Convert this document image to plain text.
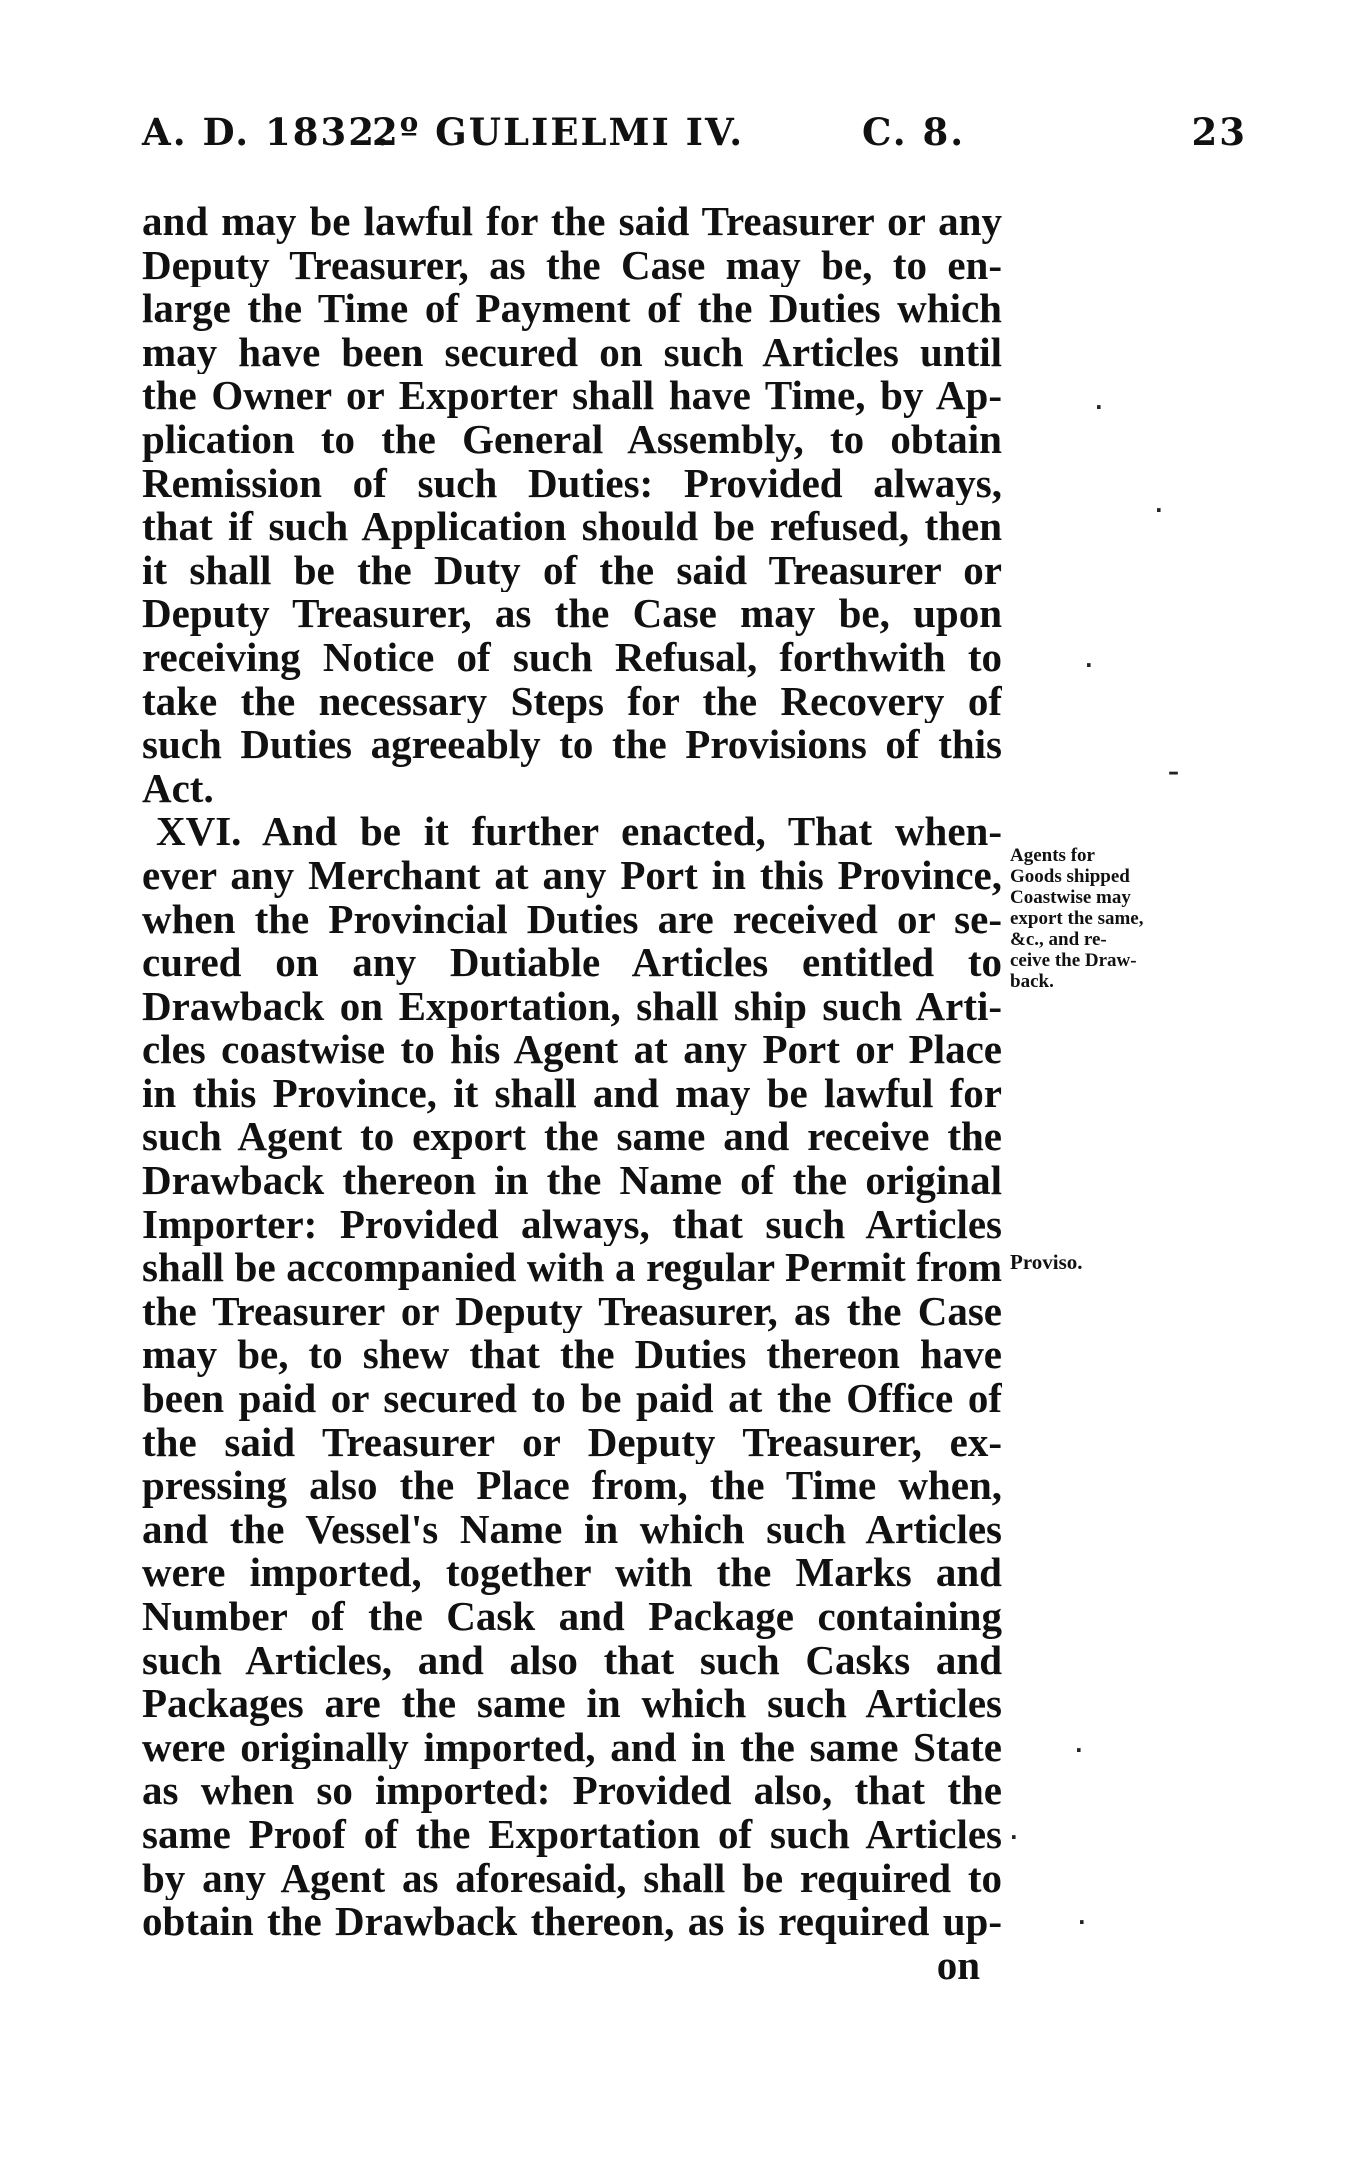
A. D. 1832.
2º GULIELMI IV.	C. 8.	23
and may be lawful for the said Treasurer or any
Deputy Treasurer, as the Case may be, to en-
large the Time of Payment of the Duties which
may have been secured on such Articles until
the Owner or Exporter shall have Time, by Ap-
plication to the General Assembly, to obtain
Remission of such Duties: Provided always,
that if such Application should be refused, then
it shall be the Duty of the said Treasurer or
Deputy Treasurer, as the Case may be, upon
receiving Notice of such Refusal, forthwith to
take the necessary Steps for the Recovery of
such Duties agreeably to the Provisions of this
Act.
XVI. And be it further enacted, That when-
ever any Merchant at any Port in this Province,
when the Provincial Duties are received or se-
cured on any Dutiable Articles entitled to
Drawback on Exportation, shall ship such Arti-
cles coastwise to his Agent at any Port or Place
in this Province, it shall and may be lawful for
such Agent to export the same and receive the
Drawback thereon in the Name of the original
Importer: Provided always, that such Articles
shall be accompanied with a regular Permit from
the Treasurer or Deputy Treasurer, as the Case
may be, to shew that the Duties thereon have
been paid or secured to be paid at the Office of
the said Treasurer or Deputy Treasurer, ex-
pressing also the Place from, the Time when,
and the Vessel's Name in which such Articles
were imported, together with the Marks and
Number of the Cask and Package containing
such Articles, and also that such Casks and
Packages are the same in which such Articles
were originally imported, and in the same State
as when so imported: Provided also, that the
same Proof of the Exportation of such Articles
by any Agent as aforesaid, shall be required to
obtain the Drawback thereon, as is required up-
on
Agents for
Goods shipped
Coastwise may
export the same,
&c., and re-
ceive the Draw-
back.
Proviso.
·
·
·
–
·
·
·
